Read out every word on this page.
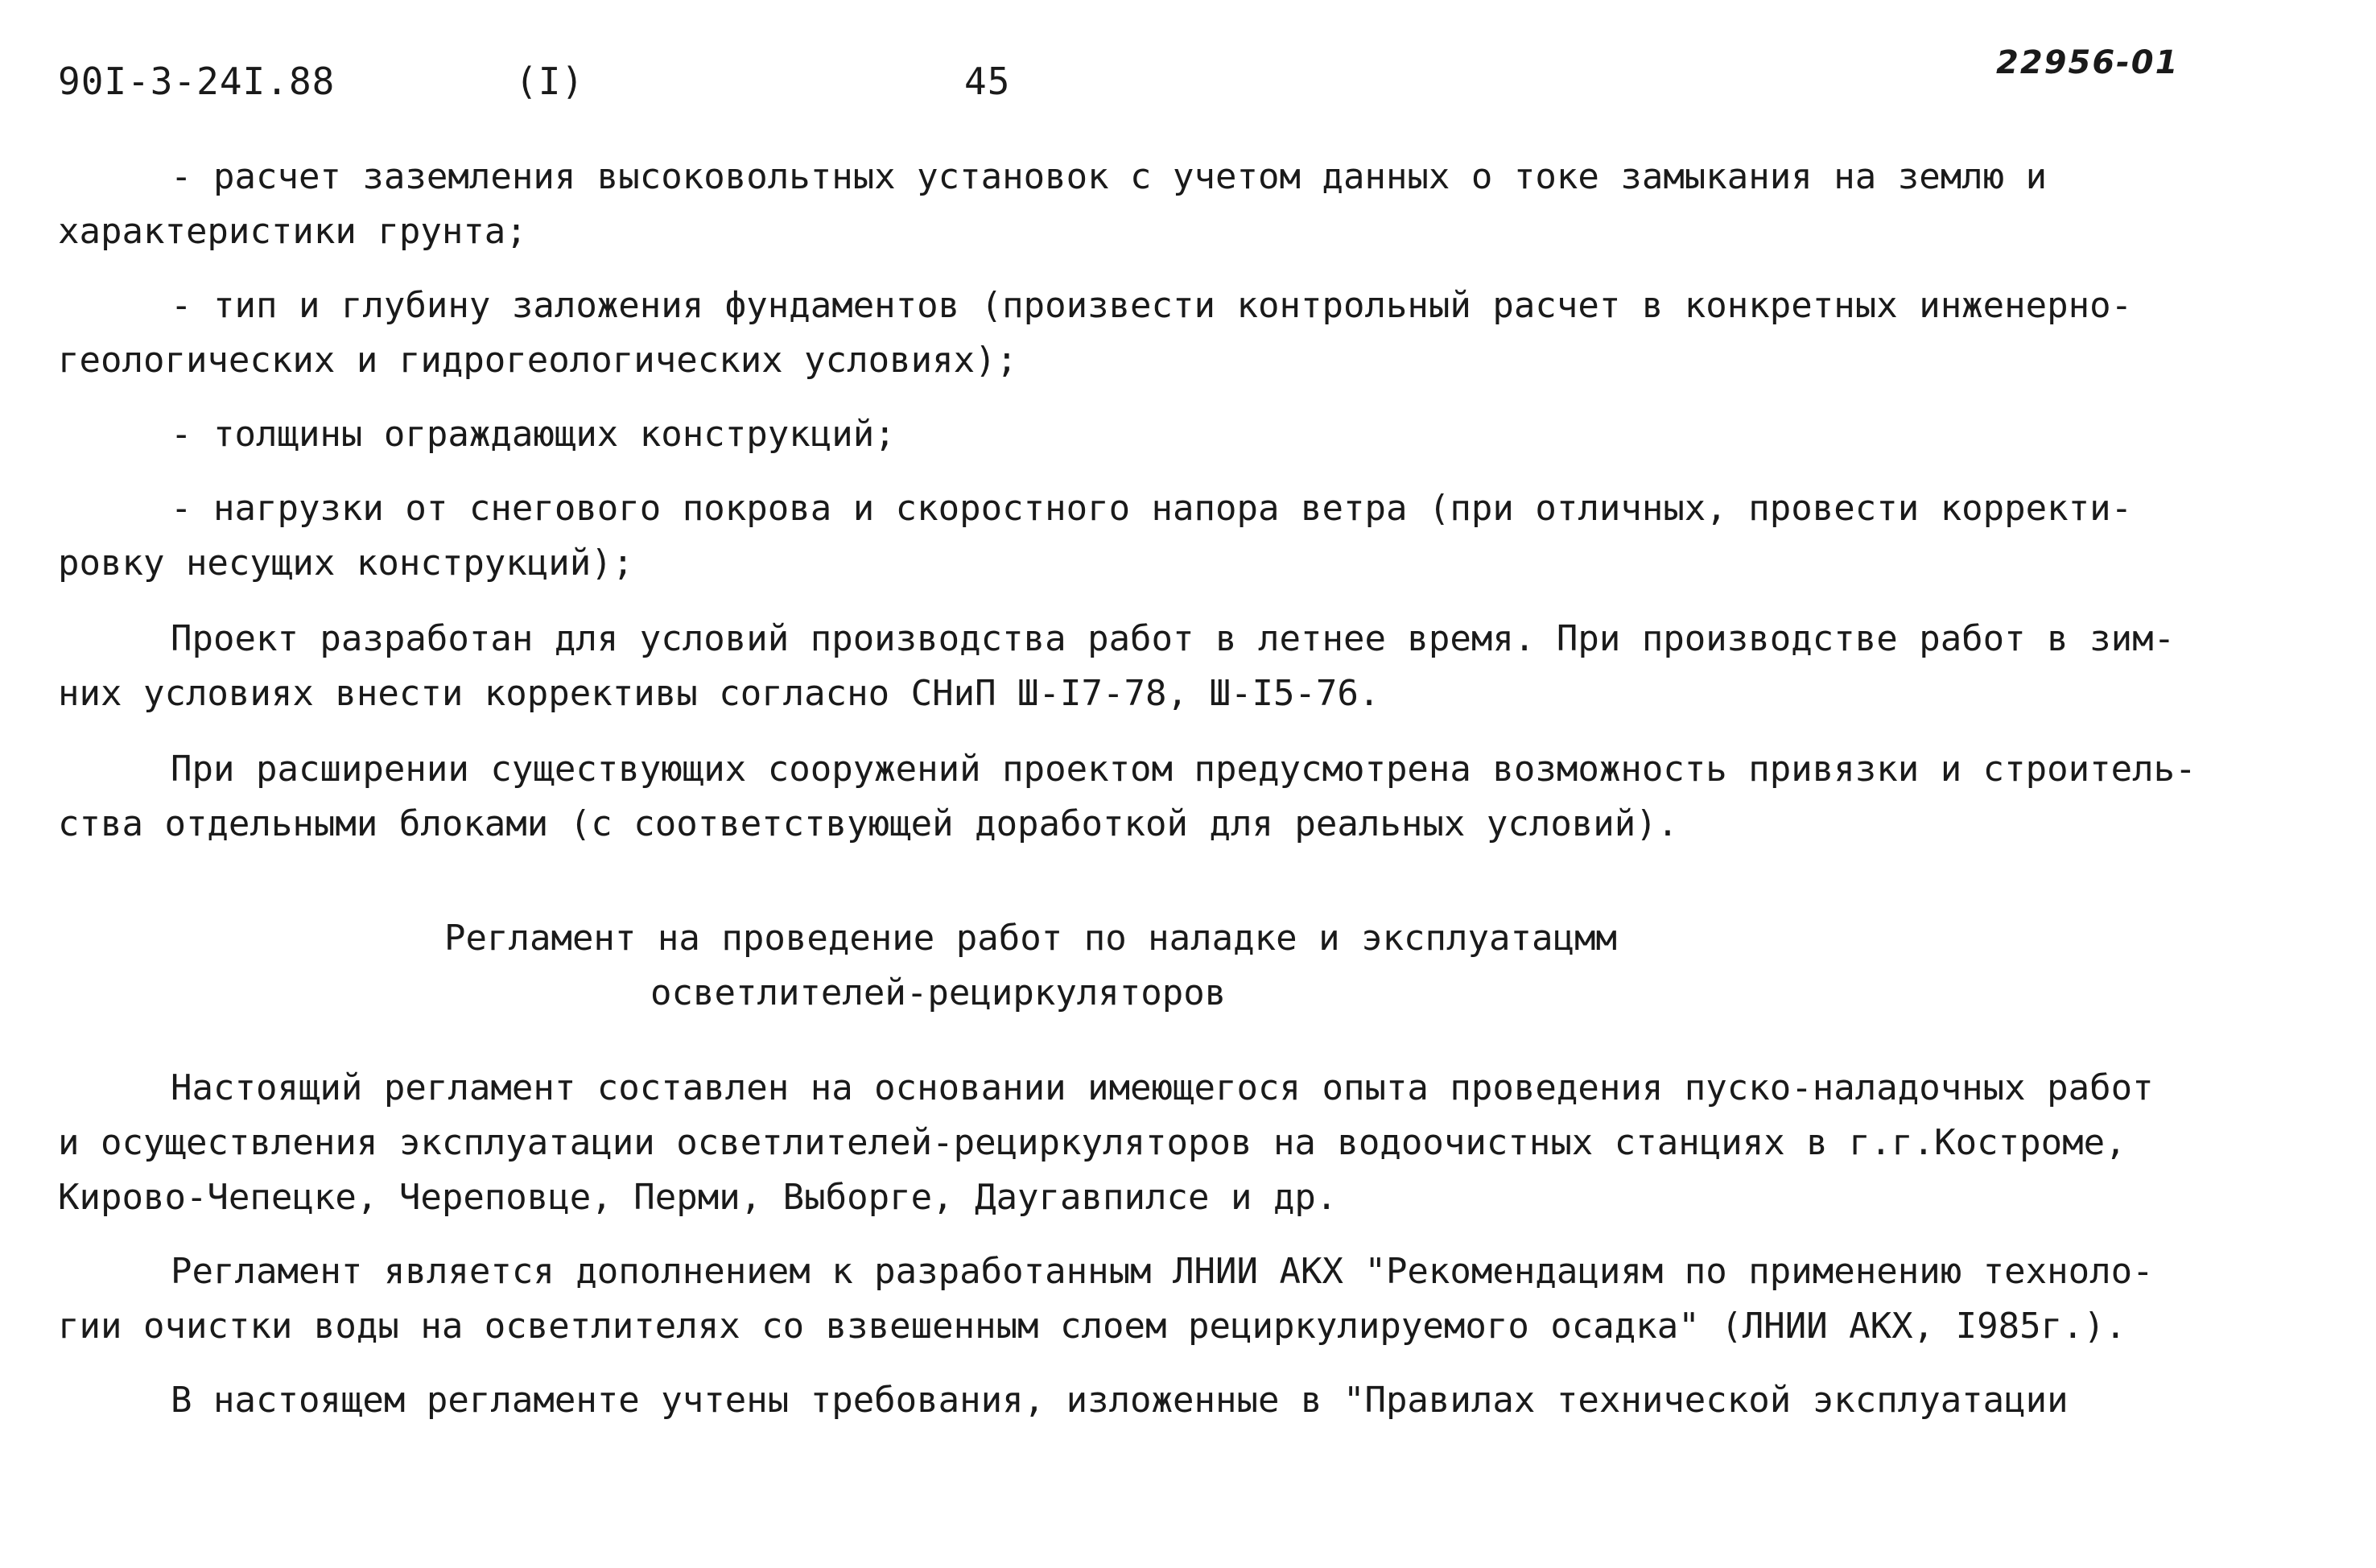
90I-3-24I.88	(I)	45	22956-01
- расчет заземления высоковольтных установок с учетом данных о токе замыкания на землю и
характеристики грунта;
- тип и глубину заложения фундаментов (произвести контрольный расчет в конкретных инженерно-
геологических и гидрогеологических условиях);
- толщины ограждающих конструкций;
- нагрузки от снегового покрова и скоростного напора ветра (при отличных, провести корректи-
ровку несущих конструкций);
Проект разработан для условий производства работ в летнее время. При производстве работ в зим-
них условиях внести коррективы согласно СНиП Ш-I7-78, Ш-I5-76.
При расширении существующих сооружений проектом предусмотрена возможность привязки и строитель-
ства отдельными блоками (с соответствующей доработкой для реальных условий).
Регламент на проведение работ по наладке и эксплуатацмм
осветлителей-рециркуляторов
Настоящий регламент составлен на основании имеющегося опыта проведения пуско-наладочных работ
и осуществления эксплуатации осветлителей-рециркуляторов на водоочистных станциях в г.г.Костроме,
Кирово-Чепецке, Череповце, Перми, Выборге, Даугавпилсе и др.
Регламент является дополнением к разработанным ЛНИИ АКХ "Рекомендациям по применению техноло-
гии очистки воды на осветлителях со взвешенным слоем рециркулируемого осадка" (ЛНИИ АКХ, I985г.).
В настоящем регламенте учтены требования, изложенные в "Правилах технической эксплуатации
